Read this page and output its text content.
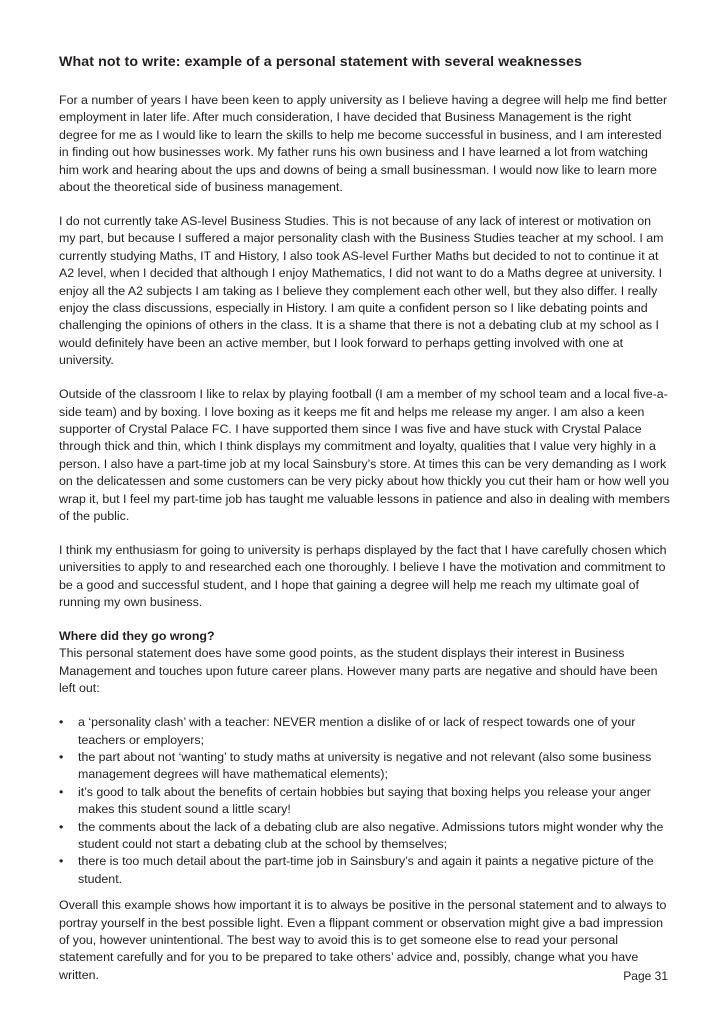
What not to write: example of a personal statement with several weaknesses

For a number of years I have been keen to apply university as I believe having a degree will help me find better employment in later life. After much consideration, I have decided that Business Management is the right degree for me as I would like to learn the skills to help me become successful in business, and I am interested in finding out how businesses work. My father runs his own business and I have learned a lot from watching him work and hearing about the ups and downs of being a small businessman. I would now like to learn more about the theoretical side of business management.

I do not currently take AS-level Business Studies. This is not because of any lack of interest or motivation on my part, but because I suffered a major personality clash with the Business Studies teacher at my school. I am currently studying Maths, IT and History, I also took AS-level Further Maths but decided to not to continue it at A2 level, when I decided that although I enjoy Mathematics, I did not want to do a Maths degree at university. I enjoy all the A2 subjects I am taking as I believe they complement each other well, but they also differ. I really enjoy the class discussions, especially in History. I am quite a confident person so I like debating points and challenging the opinions of others in the class. It is a shame that there is not a debating club at my school as I would definitely have been an active member, but I look forward to perhaps getting involved with one at university.

Outside of the classroom I like to relax by playing football (I am a member of my school team and a local five-a-side team) and by boxing. I love boxing as it keeps me fit and helps me release my anger. I am also a keen supporter of Crystal Palace FC. I have supported them since I was five and have stuck with Crystal Palace through thick and thin, which I think displays my commitment and loyalty, qualities that I value very highly in a person. I also have a part-time job at my local Sainsbury’s store. At times this can be very demanding as I work on the delicatessen and some customers can be very picky about how thickly you cut their ham or how well you wrap it, but I feel my part-time job has taught me valuable lessons in patience and also in dealing with members of the public.

I think my enthusiasm for going to university is perhaps displayed by the fact that I have carefully chosen which universities to apply to and researched each one thoroughly. I believe I have the motivation and commitment to be a good and successful student, and I hope that gaining a degree will help me reach my ultimate goal of running my own business.

Where did they go wrong?

This personal statement does have some good points, as the student displays their interest in Business Management and touches upon future career plans. However many parts are negative and should have been left out:

• a ‘personality clash’ with a teacher: NEVER mention a dislike of or lack of respect towards one of your teachers or employers;
• the part about not ‘wanting’ to study maths at university is negative and not relevant (also some business management degrees will have mathematical elements);
• it’s good to talk about the benefits of certain hobbies but saying that boxing helps you release your anger makes this student sound a little scary!
• the comments about the lack of a debating club are also negative. Admissions tutors might wonder why the student could not start a debating club at the school by themselves;
• there is too much detail about the part-time job in Sainsbury’s and again it paints a negative picture of the student.

Overall this example shows how important it is to always be positive in the personal statement and to always to portray yourself in the best possible light. Even a flippant comment or observation might give a bad impression of you, however unintentional. The best way to avoid this is to get someone else to read your personal statement carefully and for you to be prepared to take others’ advice and, possibly, change what you have written.	Page 31
